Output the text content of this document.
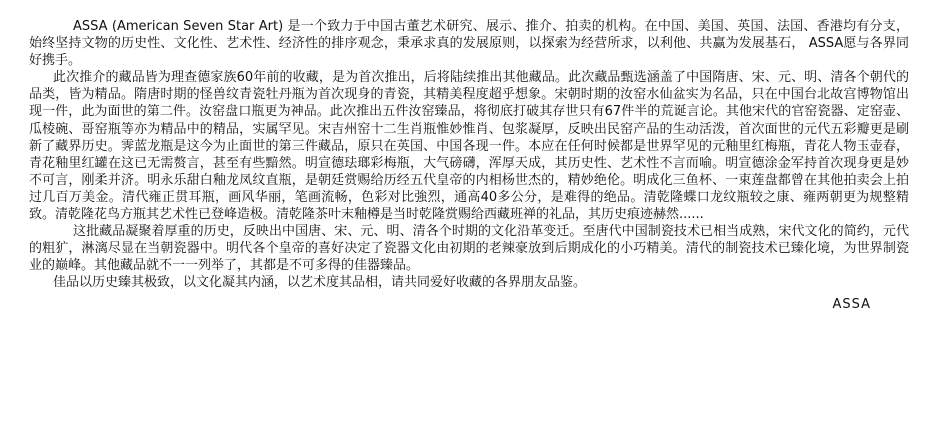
ASSA (American Seven Star Art) 是一个致力于中国古董艺术研究、展示、推介、拍卖的机构。在中国、美国、英国、法国、香港均有分支，始终坚持文物的历史性、文化性、艺术性、经济性的排序观念，秉承求真的发展原则，以探索为经营所求，以利他、共赢为发展基石， ASSA愿与各界同好携手。

此次推介的藏品皆为理查德家族60年前的收藏，是为首次推出，后将陆续推出其他藏品。此次藏品甄选涵盖了中国隋唐、宋、元、明、清各个朝代的品类，皆为精品。隋唐时期的怪兽纹青瓷牡丹瓶为首次现身的青瓷，其精美程度超乎想象。宋朝时期的汝窑水仙盆实为名品，只在中国台北故宫博物馆出现一件，此为面世的第二件。汝窑盘口瓶更为神品。此次推出五件汝窑臻品，将彻底打破其存世只有67件半的荒诞言论。其他宋代的官窑瓷器、定窑壶、瓜棱碗、哥窑瓶等亦为精品中的精品，实属罕见。宋吉州窑十二生肖瓶惟妙惟肖、包浆凝厚，反映出民窑产品的生动活泼，首次面世的元代五彩瓣更是刷新了藏界历史。霁蓝龙瓶是这今为止面世的第三件藏品，原只在英国、中国各现一件。本应在任何时候都是世界罕见的元釉里红梅瓶，青花人物玉壶春，青花釉里红罐在这已无需赘言，甚至有些黯然。明宣德珐瑯彩梅瓶，大气磅礴，浑厚天成，其历史性、艺术性不言而喻。明宣德涂金军持首次现身更是妙不可言，刚柔并济。明永乐甜白釉龙凤纹直瓶，是朝廷赏赐给历经五代皇帝的内相杨世杰的，精妙绝伦。明成化三鱼杯、一束莲盘都曾在其他拍卖会上拍过几百万美金。清代雍正贯耳瓶，画风华丽，笔画流畅，色彩对比強烈，通高40多公分，是难得的绝品。清乾隆蝶口龙纹瓶较之康、雍两朝更为规整精致。清乾隆花鸟方瓶其艺术性已登峰造极。清乾隆茶叶末釉樽是当时乾隆赏赐给西藏班禅的礼品，其历史痕迹赫然......

这批藏品凝聚着厚重的历史，反映出中国唐、宋、元、明、清各个时期的文化沿革变迁。至唐代中国制瓷技术已相当成熟，宋代文化的简约，元代的粗犷，淋漓尽显在当朝瓷器中。明代各个皇帝的喜好决定了瓷器文化由初期的老辣豪放到后期成化的小巧精美。清代的制瓷技术已臻化境，为世界制瓷业的巅峰。其他藏品就不一一列举了，其都是不可多得的佳器臻品。

佳品以历史臻其极致，以文化凝其内涵，以艺术度其品相，请共同爱好收藏的各界朋友品鉴。

ASSA
